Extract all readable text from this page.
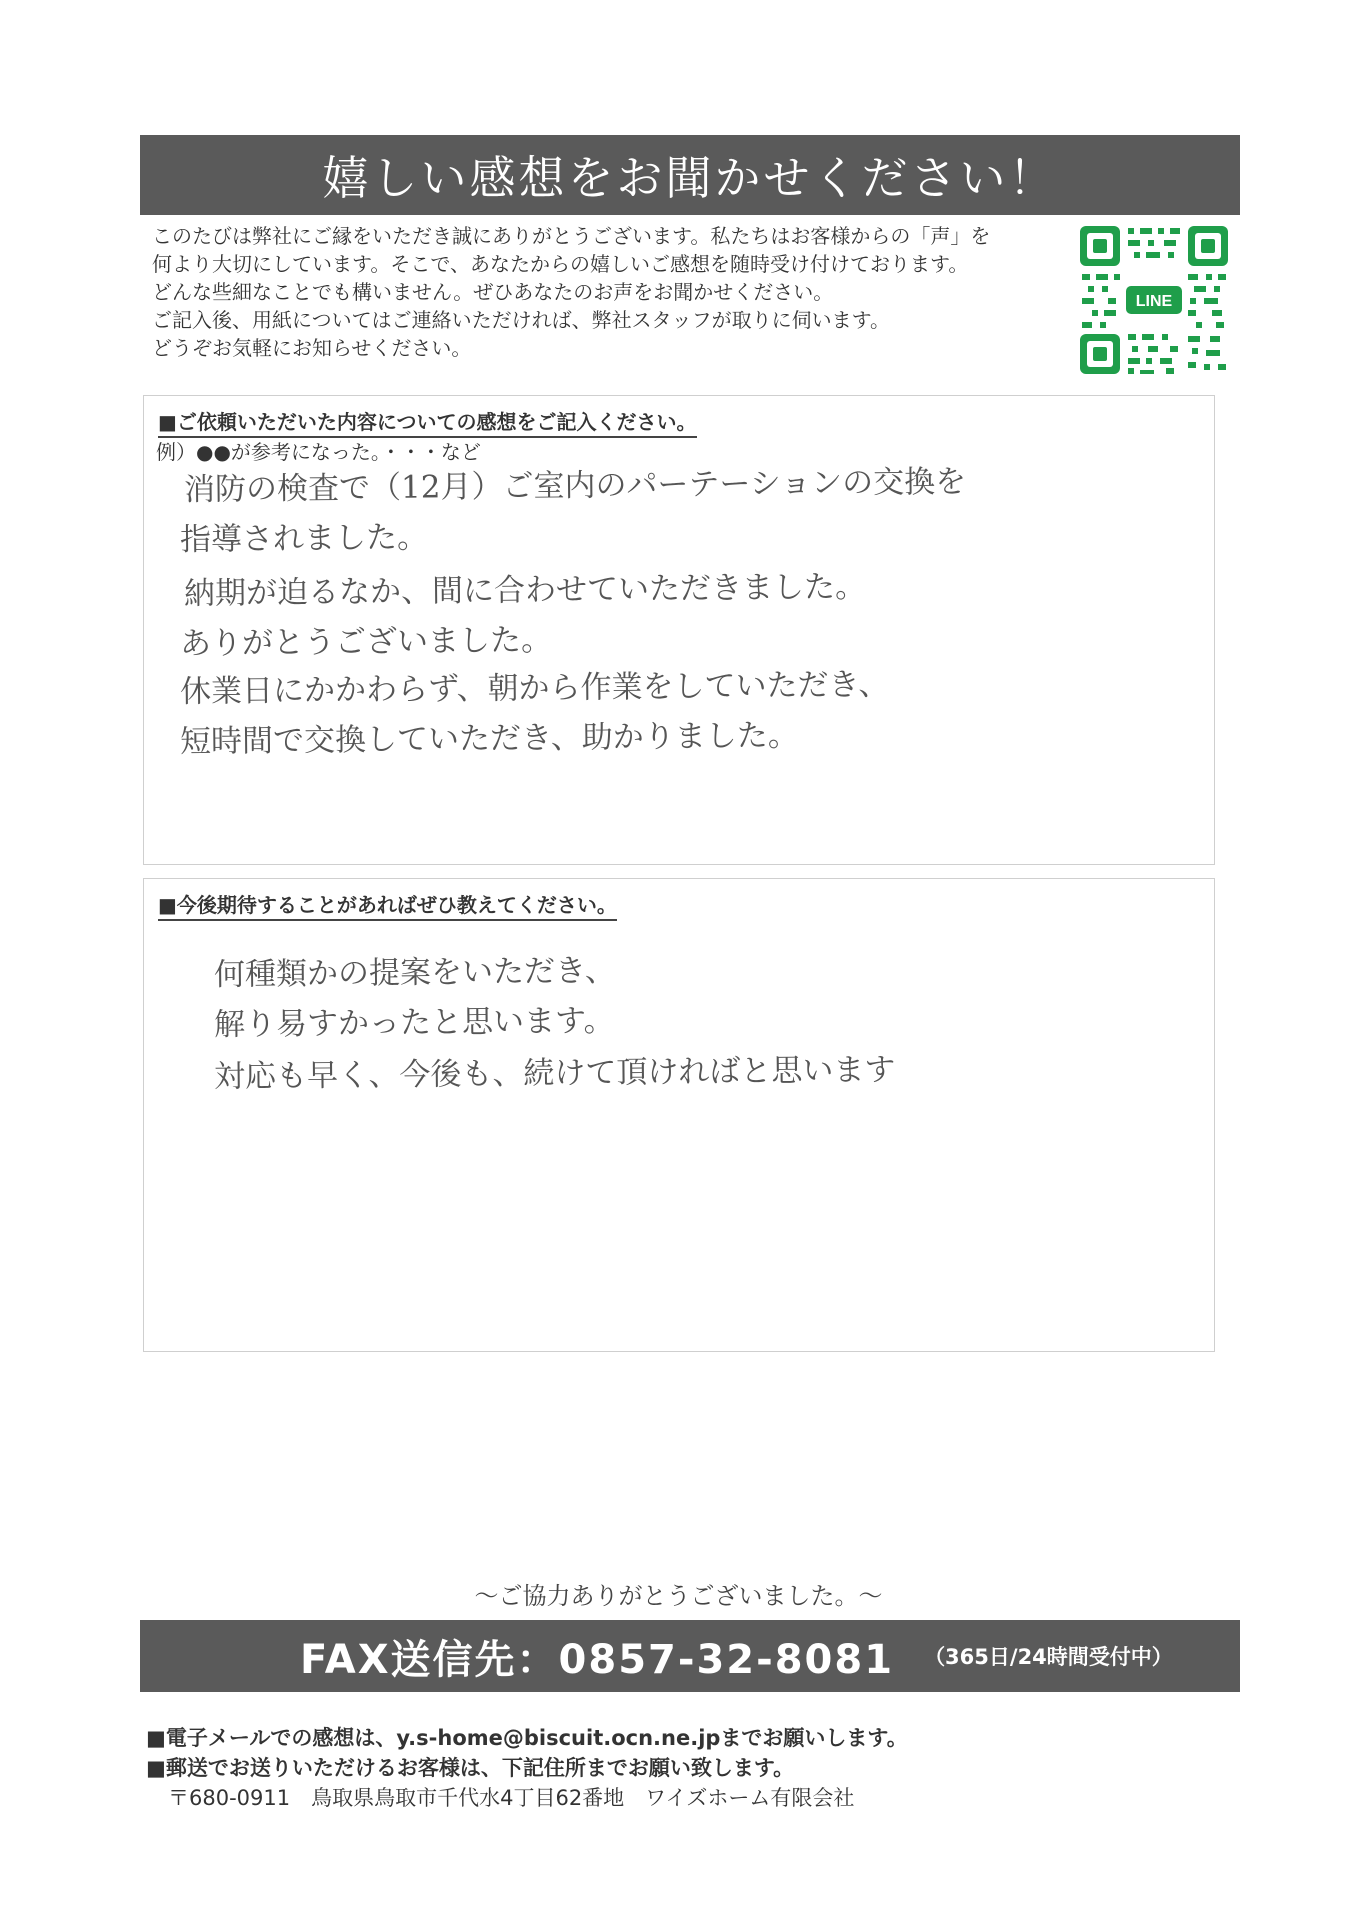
嬉しい感想をお聞かせください！

このたびは弊社にご縁をいただき誠にありがとうございます。私たちはお客様からの「声」を

何より大切にしています。そこで、あなたからの嬉しいご感想を随時受け付けております。

どんな些細なことでも構いません。ぜひあなたのお声をお聞かせください。

ご記入後、用紙についてはご連絡いただければ、弊社スタッフが取りに伺います。

どうぞお気軽にお知らせください。

LINE
■ご依頼いただいた内容についての感想をご記入ください。
例）●●が参考になった。・・・など
消防の検査で（12月）ご室内のパーテーションの交換を
指導されました。
納期が迫るなか、間に合わせていただきました。
ありがとうございました。
休業日にかかわらず、朝から作業をしていただき、
短時間で交換していただき、助かりました。
■今後期待することがあればぜひ教えてください。
何種類かの提案をいただき、
解り易すかったと思います。
対応も早く、今後も、続けて頂ければと思います
～ご協力ありがとうございました。～
FAX送信先：0857-32-8081 （365日/24時間受付中）
■電子メールでの感想は、y.s-home@biscuit.ocn.ne.jpまでお願いします。
■郵送でお送りいただけるお客様は、下記住所までお願い致します。
〒680-0911　鳥取県鳥取市千代水4丁目62番地　ワイズホーム有限会社
